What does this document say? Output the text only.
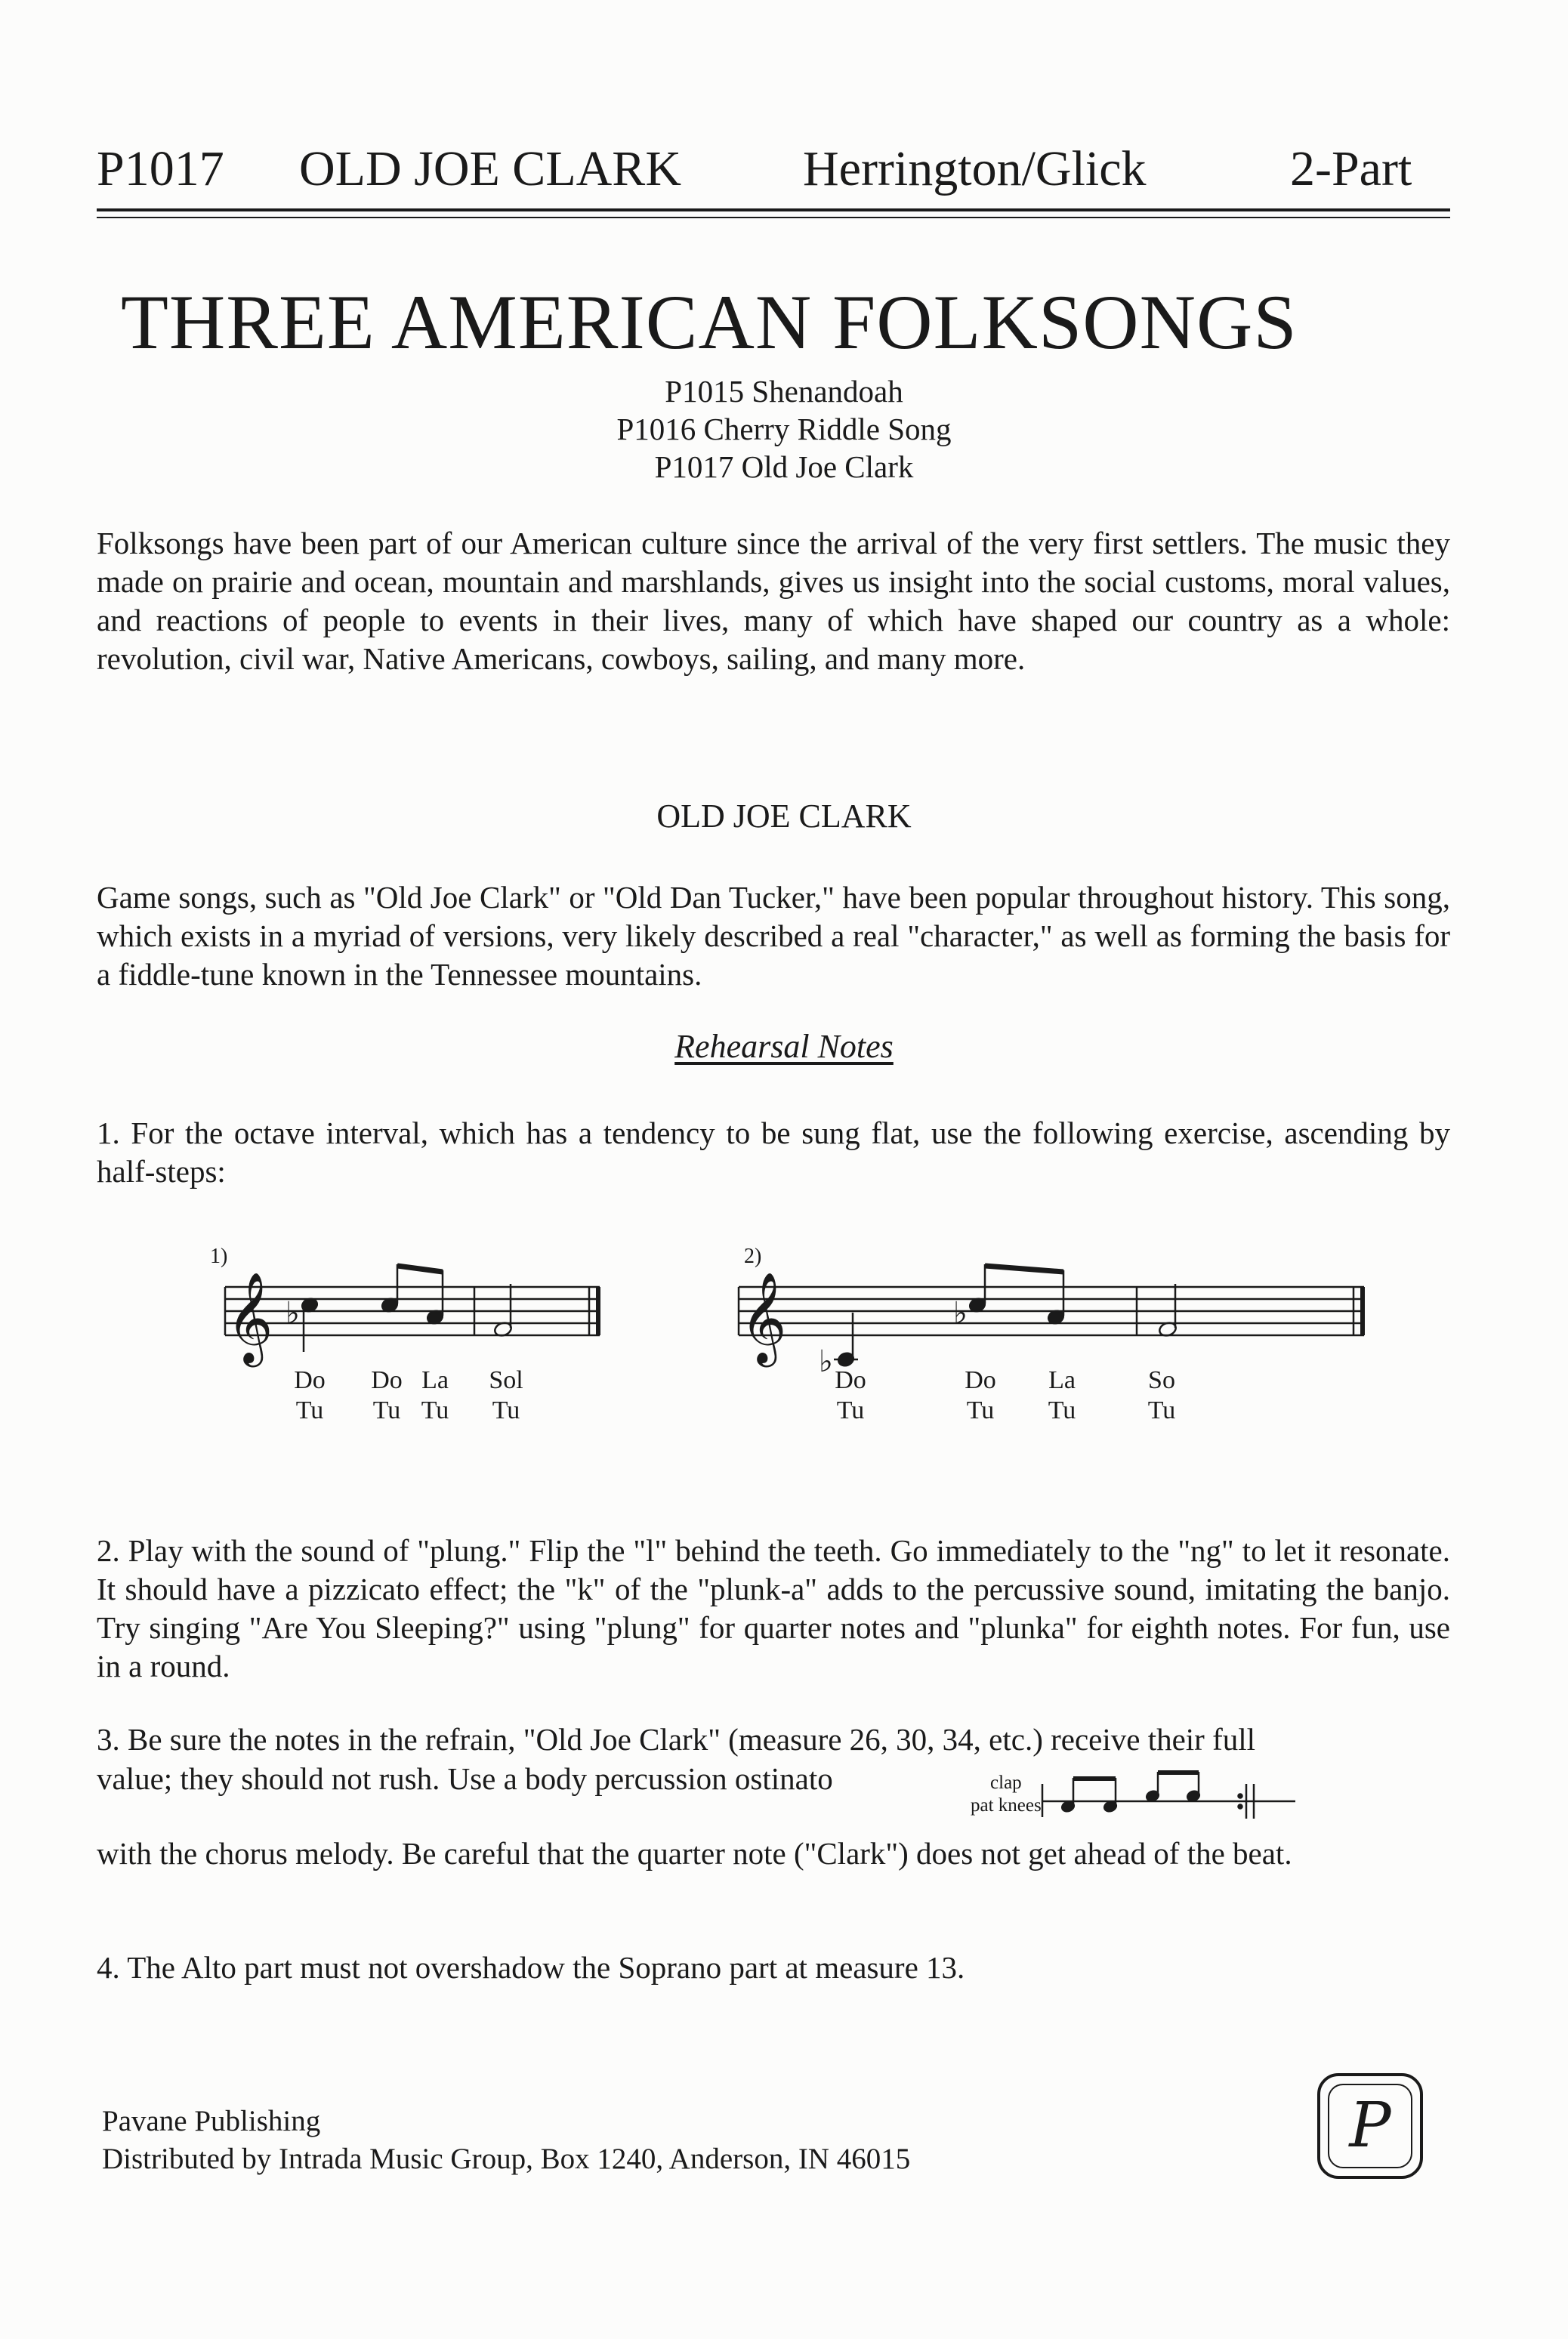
P1017 OLD JOE CLARK Herrington/Glick	2-Part
THREE AMERICAN FOLKSONGS
P1015 Shenandoah
P1016 Cherry Riddle Song
P1017 Old Joe Clark
Folksongs have been part of our American culture since the arrival of the very first settlers. The music they made on prairie and ocean, mountain and marshlands, gives us insight into the social customs, moral values, and reactions of people to events in their lives, many of which have shaped our country as a whole: revolution, civil war, Native Americans, cowboys, sailing, and many more.
OLD JOE CLARK
Game songs, such as "Old Joe Clark" or "Old Dan Tucker," have been popular throughout history. This song, which exists in a myriad of versions, very likely described a real "character," as well as forming the basis for a fiddle-tune known in the Tennessee mountains.
Rehearsal Notes
1. For the octave interval, which has a tendency to be sung flat, use the following exercise, ascending by half-steps:
𝄞	𝄞
1)	2)
♭
♭
♭
Do
Tu
Do
Tu
La
Tu
Sol
Tu
Do
Tu
Do
Tu
La
Tu
So
Tu
2. Play with the sound of "plung." Flip the "l" behind the teeth. Go immediately to the "ng" to let it resonate. It should have a pizzicato effect; the "k" of the "plunk-a" adds to the percussive sound, imitating the banjo. Try singing "Are You Sleeping?" using "plung" for quarter notes and "plunka" for eighth notes. For fun, use in a round.
3. Be sure the notes in the refrain, "Old Joe Clark" (measure 26, 30, 34, etc.) receive their full
value; they should not rush. Use a body percussion ostinato	clap
pat knees
with the chorus melody. Be careful that the quarter note ("Clark") does not get ahead of the beat.
4. The Alto part must not overshadow the Soprano part at measure 13.
Pavane Publishing
Distributed by Intrada Music Group, Box 1240, Anderson, IN 46015	P
